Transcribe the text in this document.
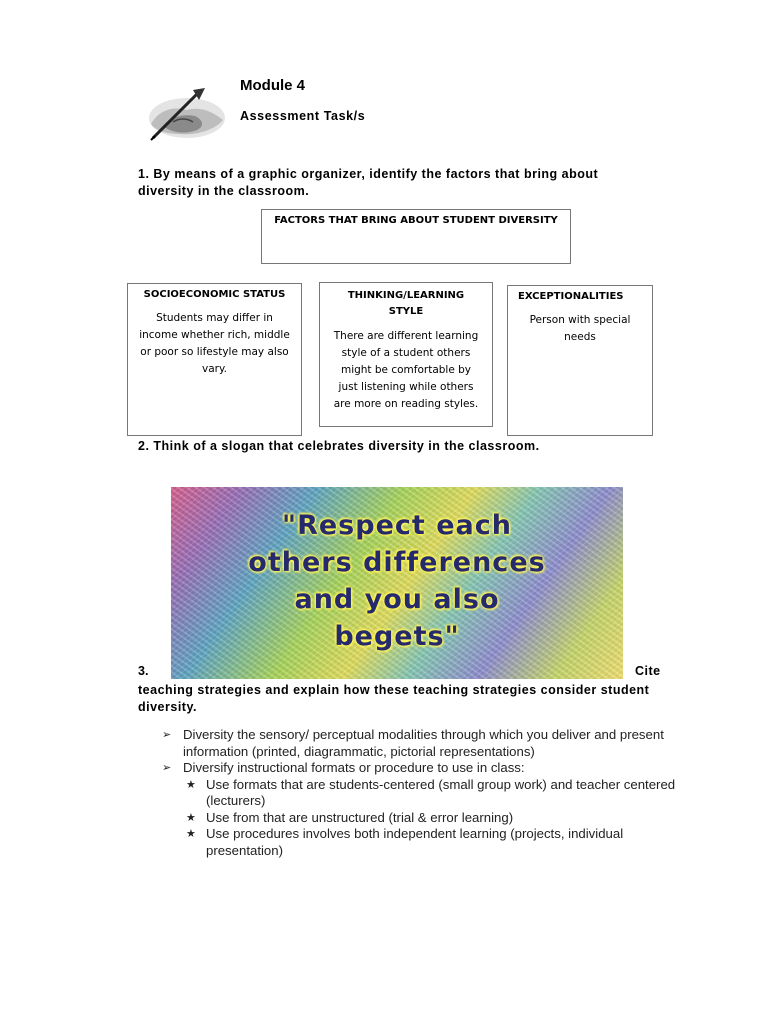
Module 4
Assessment Task/s
1. By means of a graphic organizer, identify the factors that bring about diversity in the classroom.
FACTORS THAT BRING ABOUT STUDENT DIVERSITY
SOCIOECONOMIC STATUS
Students may differ in income whether rich, middle or poor so lifestyle may also vary.
THINKING/LEARNING STYLE
There are different learning style of a student others might be comfortable by just listening while others are more on reading styles.
EXCEPTIONALITIES
Person with special needs
2. Think of a slogan that celebrates diversity in the classroom.
"Respect each
others differences
and you also
begets"
3.	Cite
teaching strategies and explain how these teaching strategies consider student diversity.
➢ Diversity the sensory/ perceptual modalities through which you deliver and present information (printed, diagrammatic, pictorial representations)
➢ Diversify instructional formats or procedure to use in class:
★ Use formats that are students-centered (small group work) and teacher centered (lecturers)
★ Use from that are unstructured (trial & error learning)
★ Use procedures involves both independent learning (projects, individual presentation)
